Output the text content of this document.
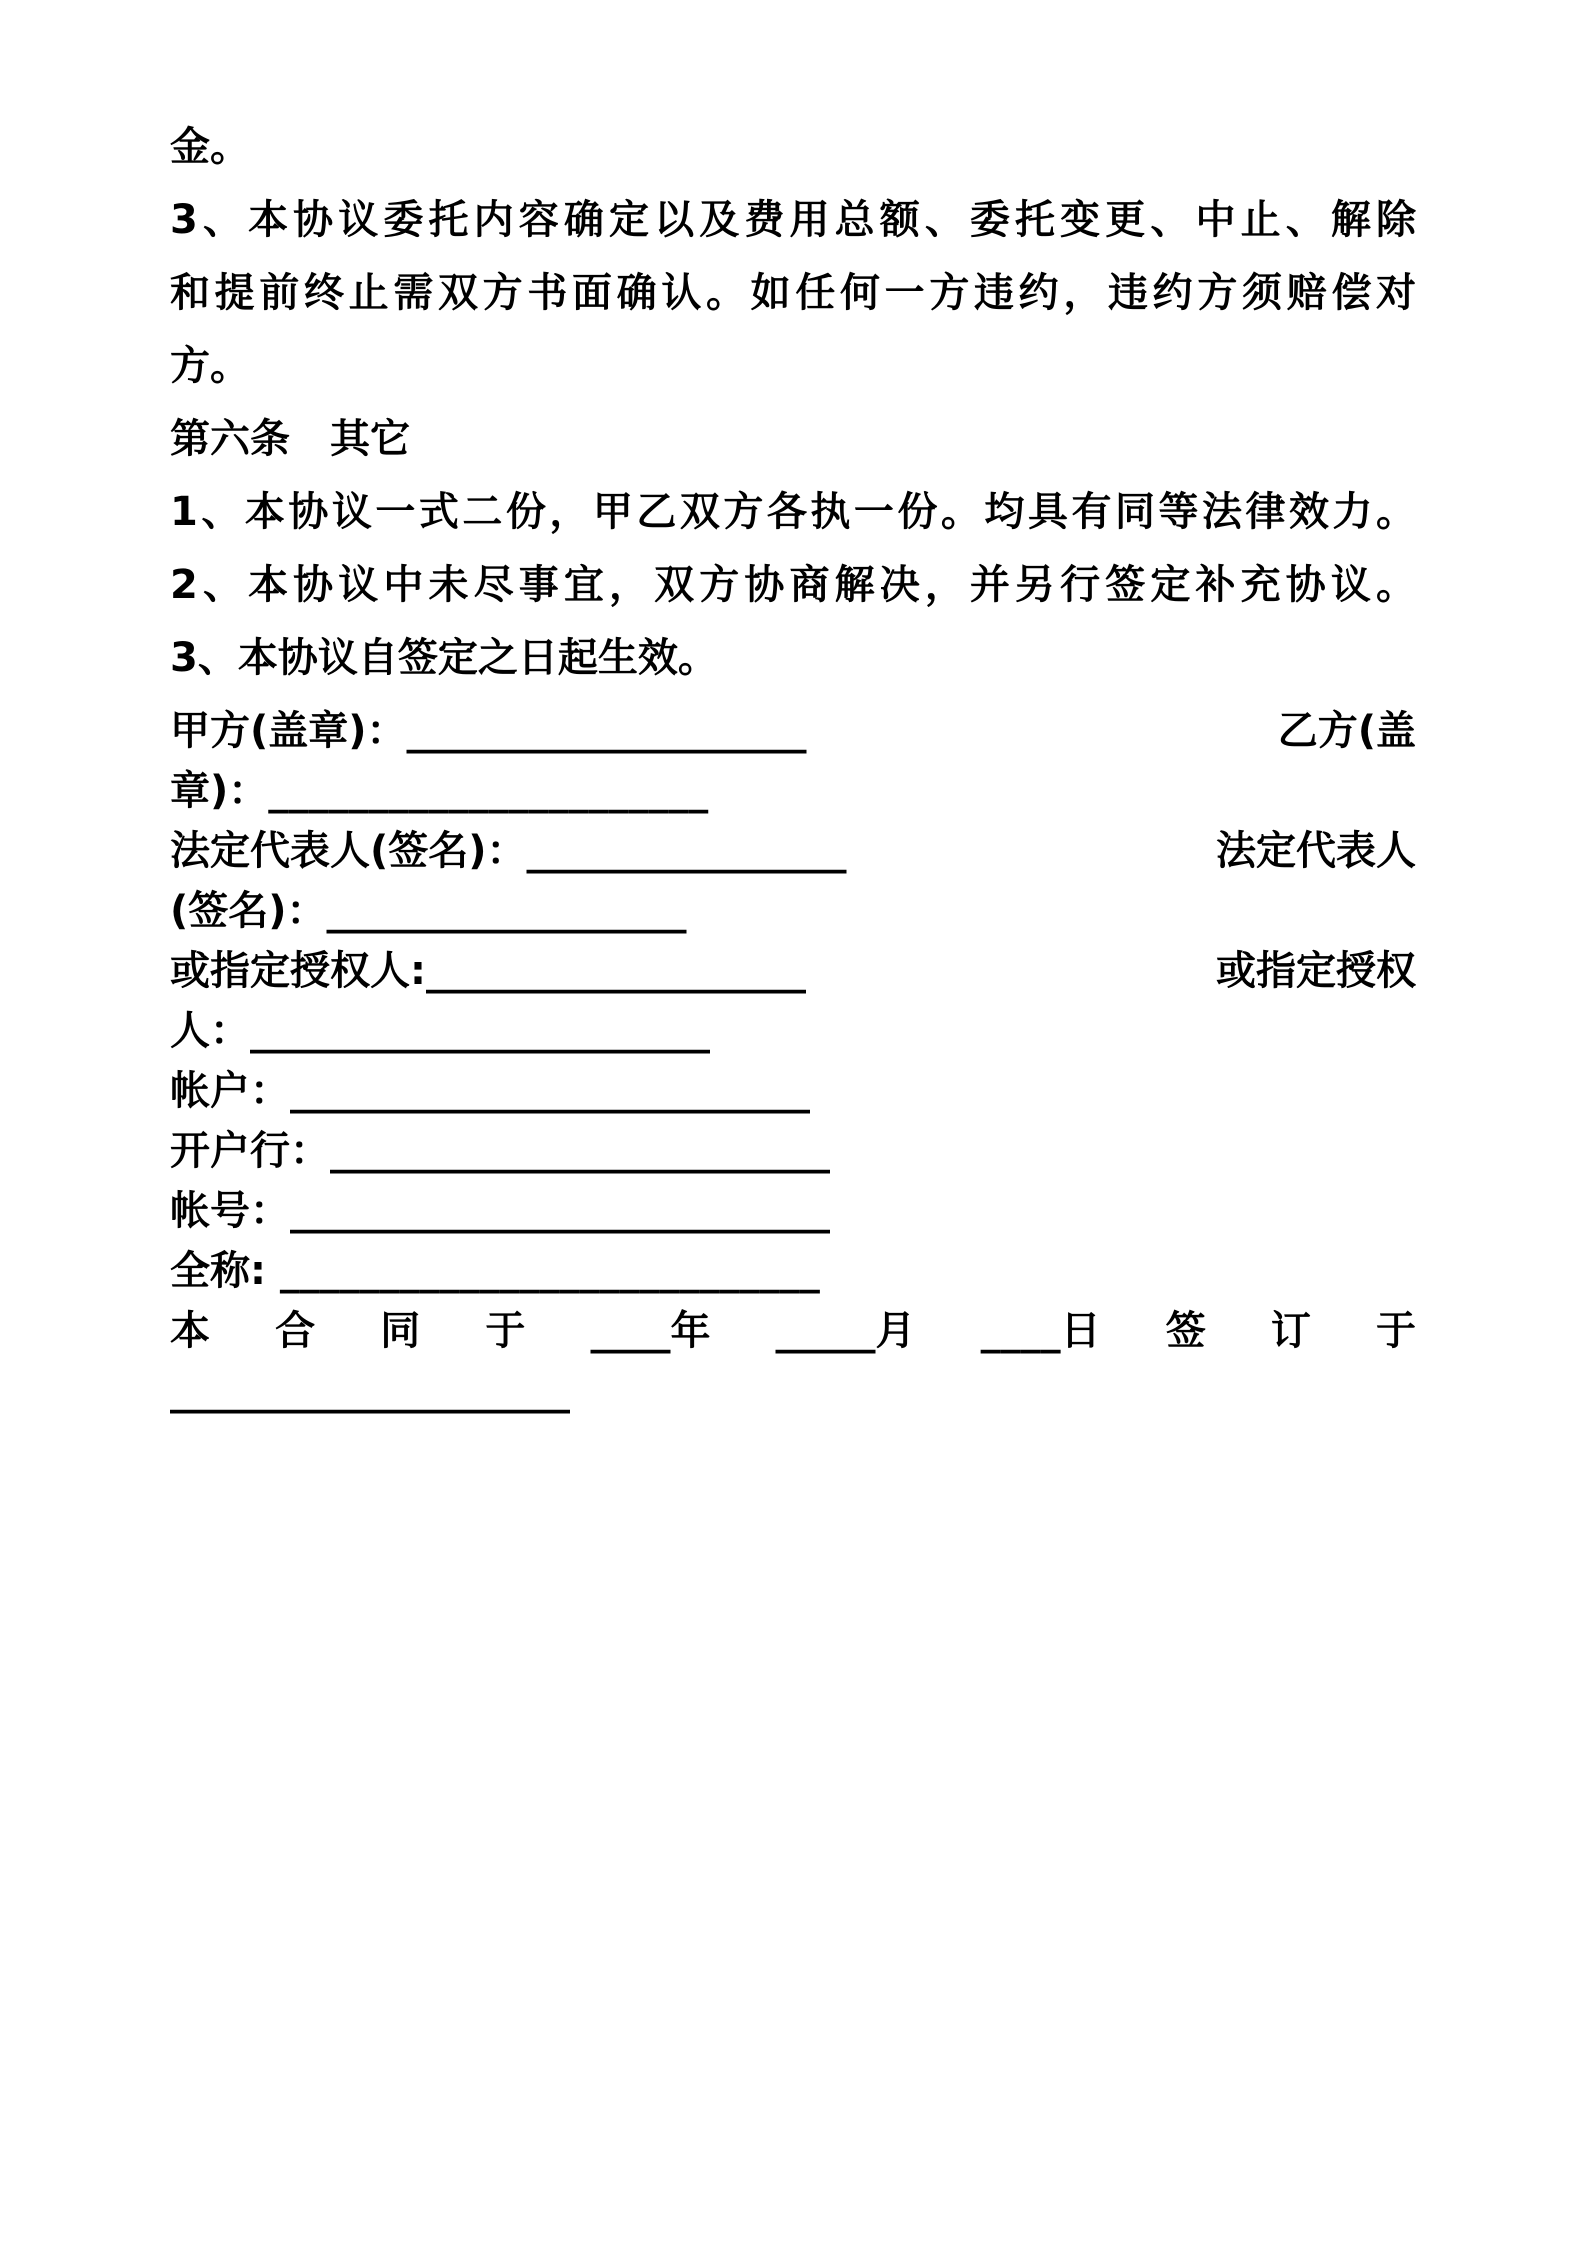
金。

3、本协议委托内容确定以及费用总额、委托变更、中止、解除

和提前终止需双方书面确认。如任何一方违约，违约方须赔偿对

方。

第六条　其它

1、本协议一式二份，甲乙双方各执一份。均具有同等法律效力。

2、本协议中未尽事宜，双方协商解决，并另行签定补充协议。

3、本协议自签定之日起生效。

甲方(盖章)：____________________	乙方(盖

章)：______________________

法定代表人(签名)：________________	法定代表人

(签名)：__________________

或指定授权人:___________________	或指定授权

人：_______________________

帐户：__________________________

开户行：_________________________

帐号：___________________________

全称: ___________________________

本 合 同 于 ____年 _____月 ____日 签 订 于

____________________
